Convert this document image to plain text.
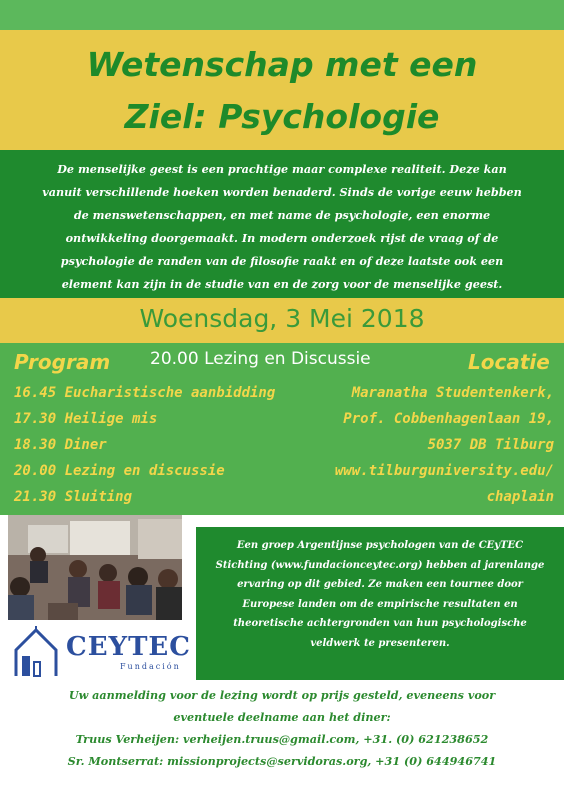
Wetenschap met een
Ziel: Psychologie
De menselijke geest is een prachtige maar complexe realiteit. Deze kan
vanuit verschillende hoeken worden benaderd. Sinds de vorige eeuw hebben
de menswetenschappen, en met name de psychologie, een enorme
ontwikkeling doorgemaakt. In modern onderzoek rijst de vraag of de
psychologie de randen van de filosofie raakt en of deze laatste ook een
element kan zijn in de studie van en de zorg voor de menselijke geest.
Woensdag, 3 Mei 2018
Program 20.00 Lezing en Discussie	Locatie
16.45 Eucharistische aanbidding
17.30 Heilige mis
18.30 Diner
20.00 Lezing en discussie
21.30 Sluiting
Maranatha Studentenkerk,
Prof. Cobbenhagenlaan 19,
5037 DB Tilburg
www.tilburguniversity.edu/
chaplain
CEYTEC
Fundación
Een groep Argentijnse psychologen van de CEyTEC
Stichting (www.fundacionceytec.org) hebben al jarenlange
ervaring op dit gebied. Ze maken een tournee door
Europese landen om de empirische resultaten en
theoretische achtergronden van hun psychologische
veldwerk te presenteren.
Uw aanmelding voor de lezing wordt op prijs gesteld, eveneens voor
eventuele deelname aan het diner:
Truus Verheijen: verheijen.truus@gmail.com, +31. (0) 621238652
Sr. Montserrat: missionprojects@servidoras.org, +31 (0) 644946741
